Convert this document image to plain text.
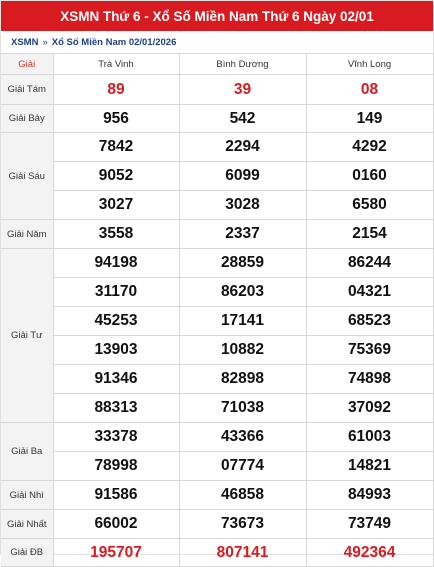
XSMN Thứ 6 - Xổ Số Miền Nam Thứ 6 Ngày 02/01
XSMN » Xổ Số Miền Nam 02/01/2026
Giải	Trà Vinh	Bình Dương	Vĩnh Long
Giải Tám	89	39	08
Giải Bảy	956	542	149
Giải Sáu	7842	2294	4292
	9052	6099	0160
	3027	3028	6580
Giải Năm	3558	2337	2154
Giải Tư	94198	28859	86244
	31170	86203	04321
	45253	17141	68523
	13903	10882	75369
	91346	82898	74898
	88313	71038	37092
Giải Ba	33378	43366	61003
	78998	07774	14821
Giải Nhì	91586	46858	84993
Giải Nhất	66002	73673	73749
Giải ĐB	195707	807141	492364
